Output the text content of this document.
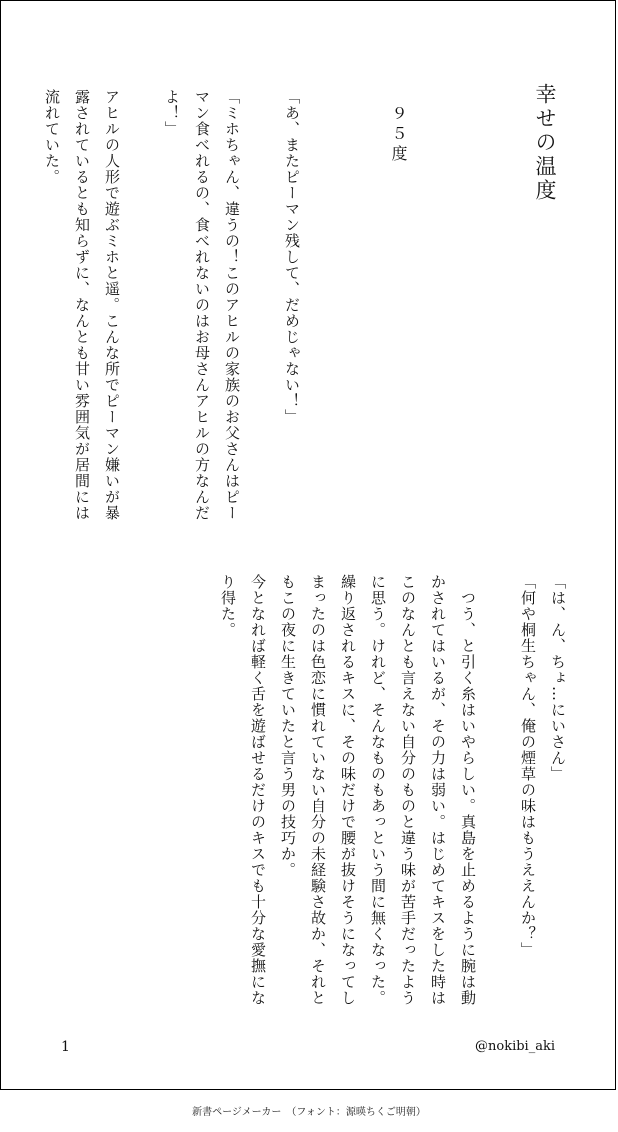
幸せの温度
９５度
「あ、またピーマン残して、だめじゃない！」

「ミホちゃん、違うの！このアヒルの家族のお父さんはピーマン食べれるの、食べれないのはお母さんアヒルの方なんだよ！」

アヒルの人形で遊ぶミホと遥。こんな所でピーマン嫌いが暴露されているとも知らずに、なんとも甘い雰囲気が居間には流れていた。
「は、ん、ちょ…にいさん」
「何や桐生ちゃん、俺の煙草の味はもうええんか？」

　つう、と引く糸はいやらしい。真島を止めるように腕は動かされてはいるが、その力は弱い。はじめてキスをした時はこのなんとも言えない自分のものと違う味が苦手だったように思う。けれど、そんなものもあっという間に無くなった。
繰り返されるキスに、その味だけで腰が抜けそうになってしまったのは色恋に慣れていない自分の未経験さ故か、それともこの夜に生きていたと言う男の技巧か。
今となれば軽く舌を遊ばせるだけのキスでも十分な愛撫になり得た。
1	@nokibi_aki
新書ページメーカー　（フォント：源暎ちくご明朝）
